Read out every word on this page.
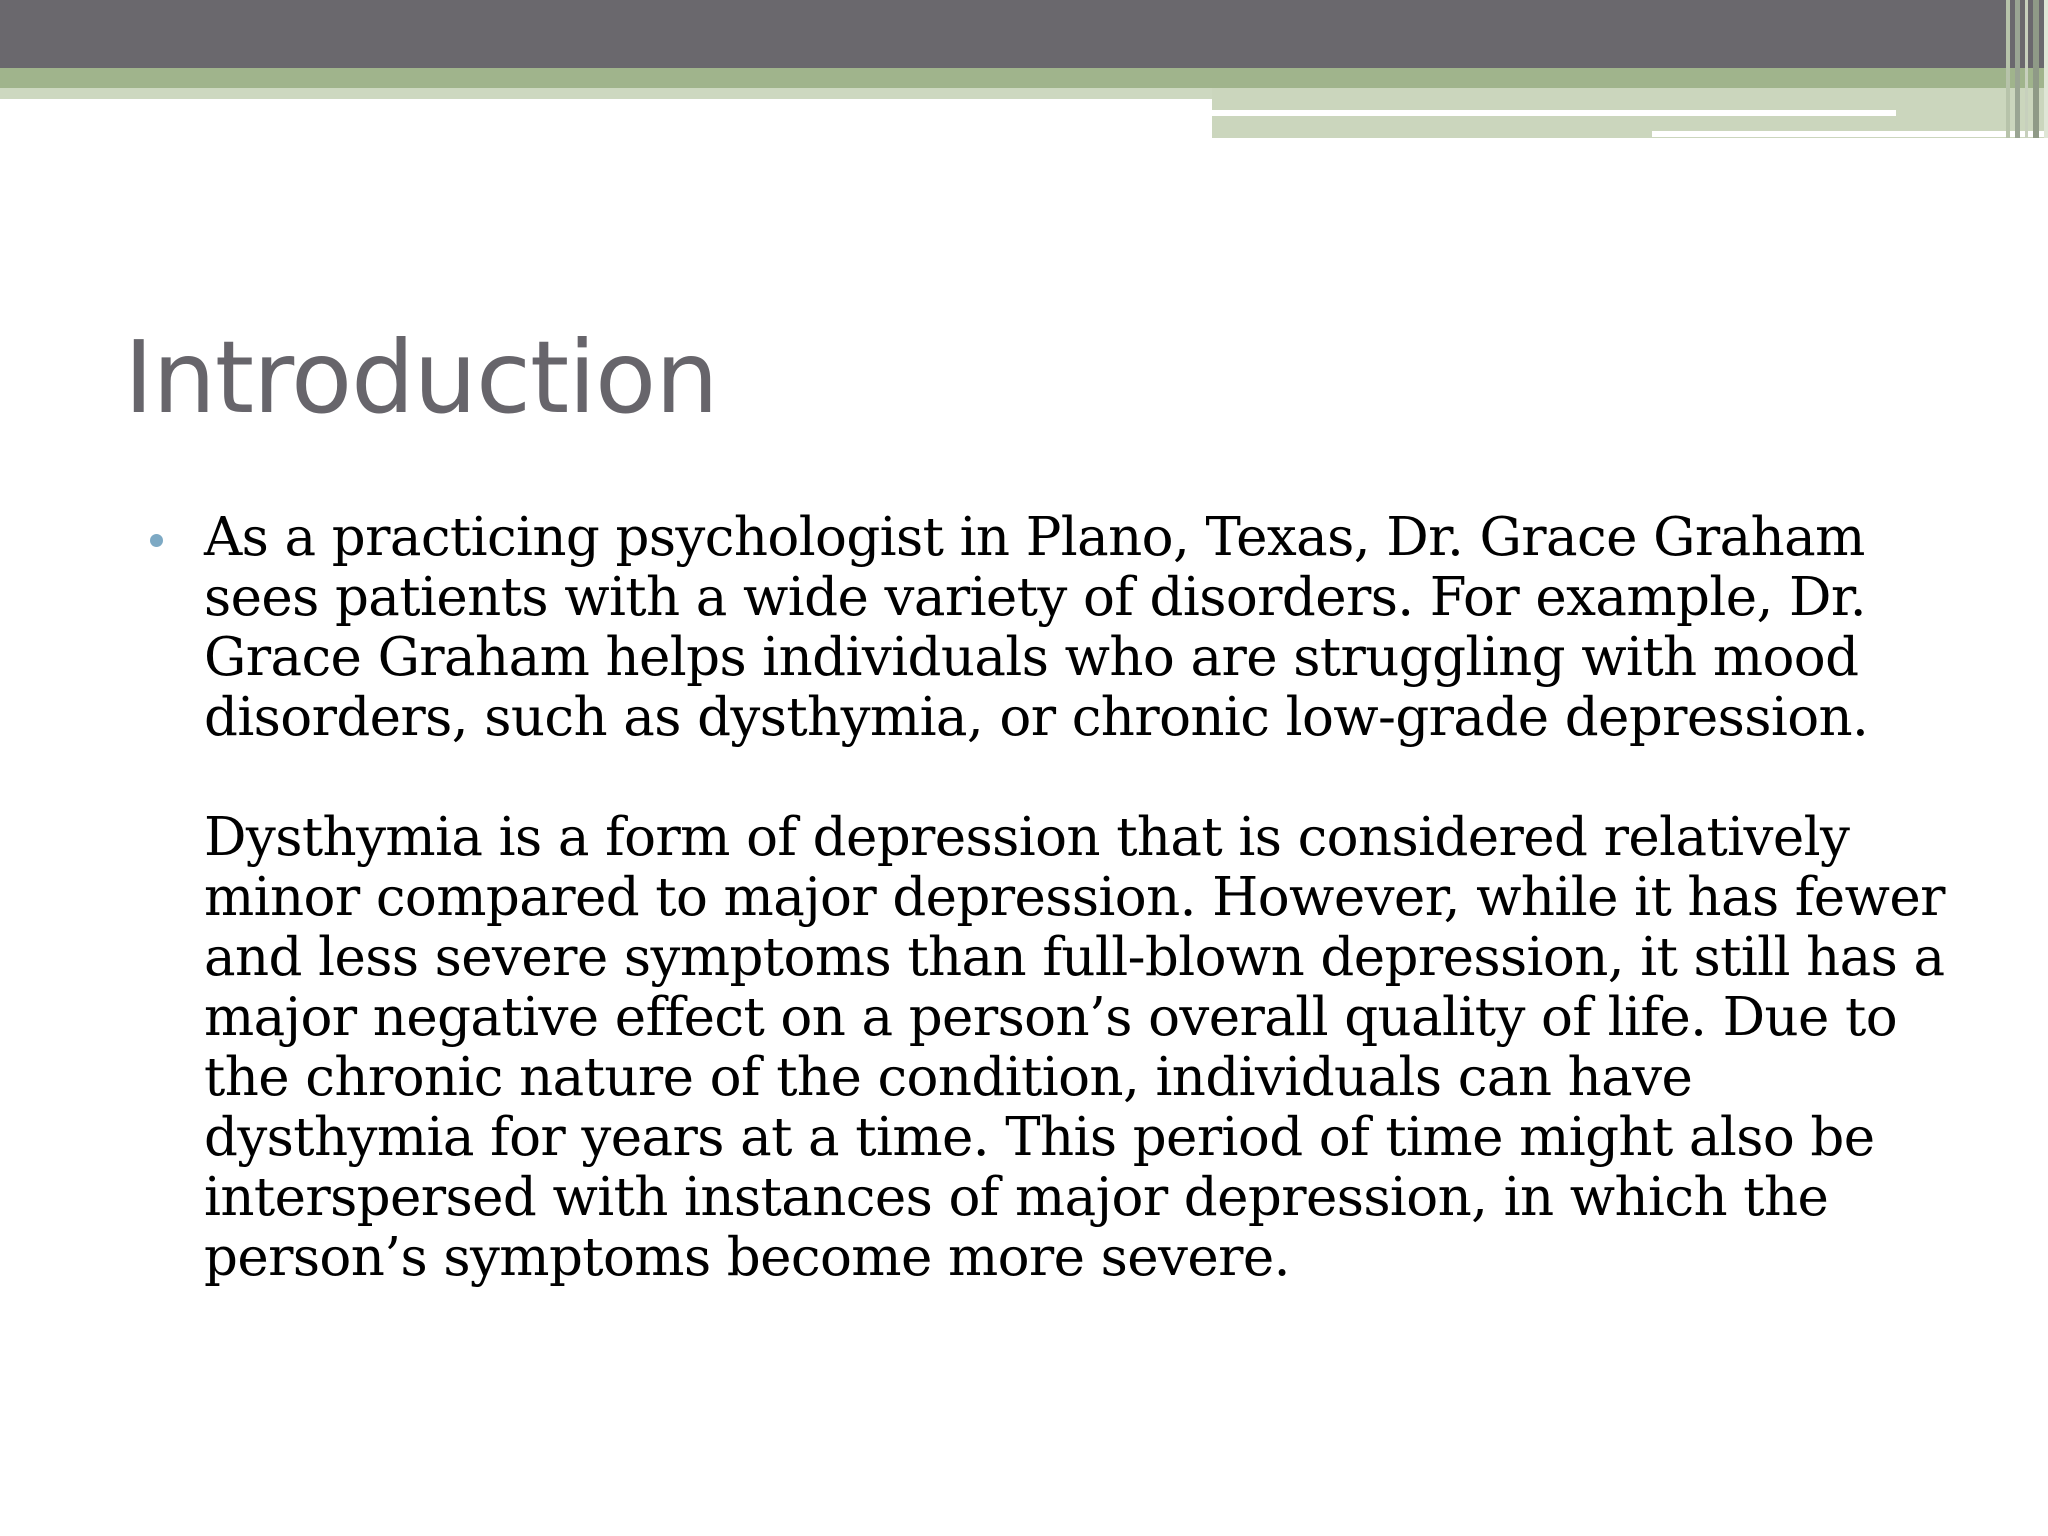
Introduction

As a practicing psychologist in Plano, Texas, Dr. Grace Graham sees patients with a wide variety of disorders. For example, Dr. Grace Graham helps individuals who are struggling with mood disorders, such as dysthymia, or chronic low-grade depression.

Dysthymia is a form of depression that is considered relatively minor compared to major depression. However, while it has fewer and less severe symptoms than full-blown depression, it still has a major negative effect on a person’s overall quality of life. Due to the chronic nature of the condition, individuals can have dysthymia for years at a time. This period of time might also be interspersed with instances of major depression, in which the person’s symptoms become more severe.
